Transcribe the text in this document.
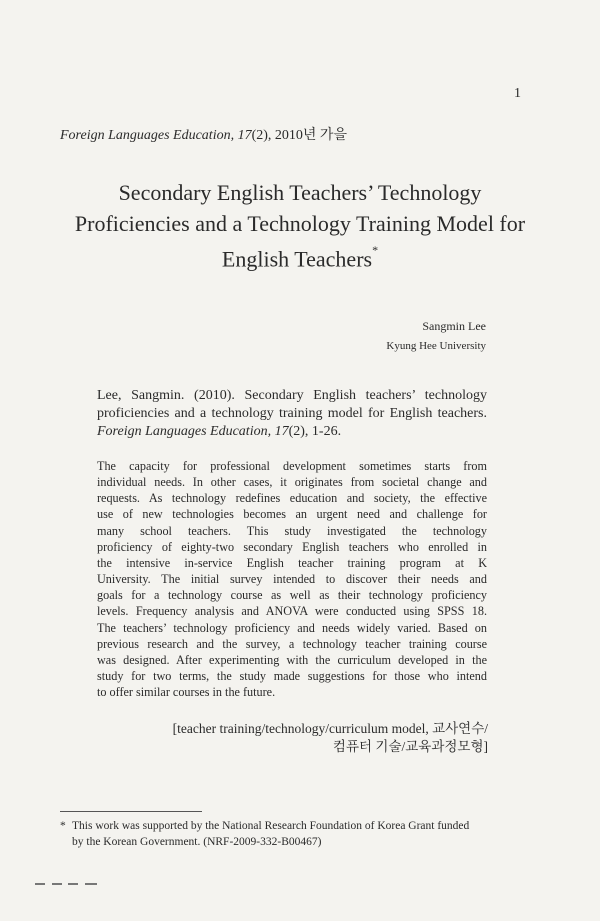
1
Foreign Languages Education, 17(2), 2010년 가을
Secondary English Teachers’ Technology
Proficiencies and a Technology Training Model for
English Teachers*
Sangmin Lee
Kyung Hee University
Lee, Sangmin. (2010). Secondary English teachers’ technology proficiencies and a technology training model for English teachers. Foreign Languages Education, 17(2), 1-26.
The capacity for professional development sometimes starts from
individual needs. In other cases, it originates from societal change and
requests. As technology redefines education and society, the effective
use of new technologies becomes an urgent need and challenge for
many school teachers. This study investigated the technology
proficiency of eighty-two secondary English teachers who enrolled in
the intensive in-service English teacher training program at K
University. The initial survey intended to discover their needs and
goals for a technology course as well as their technology proficiency
levels. Frequency analysis and ANOVA were conducted using SPSS 18.
The teachers’ technology proficiency and needs widely varied. Based on
previous research and the survey, a technology teacher training course
was designed. After experimenting with the curriculum developed in the
study for two terms, the study made suggestions for those who intend
to offer similar courses in the future.
[teacher training/technology/curriculum model, 교사연수/
컴퓨터 기술/교육과정모형]
* This work was supported by the National Research Foundation of Korea Grant funded
by the Korean Government. (NRF-2009-332-B00467)
